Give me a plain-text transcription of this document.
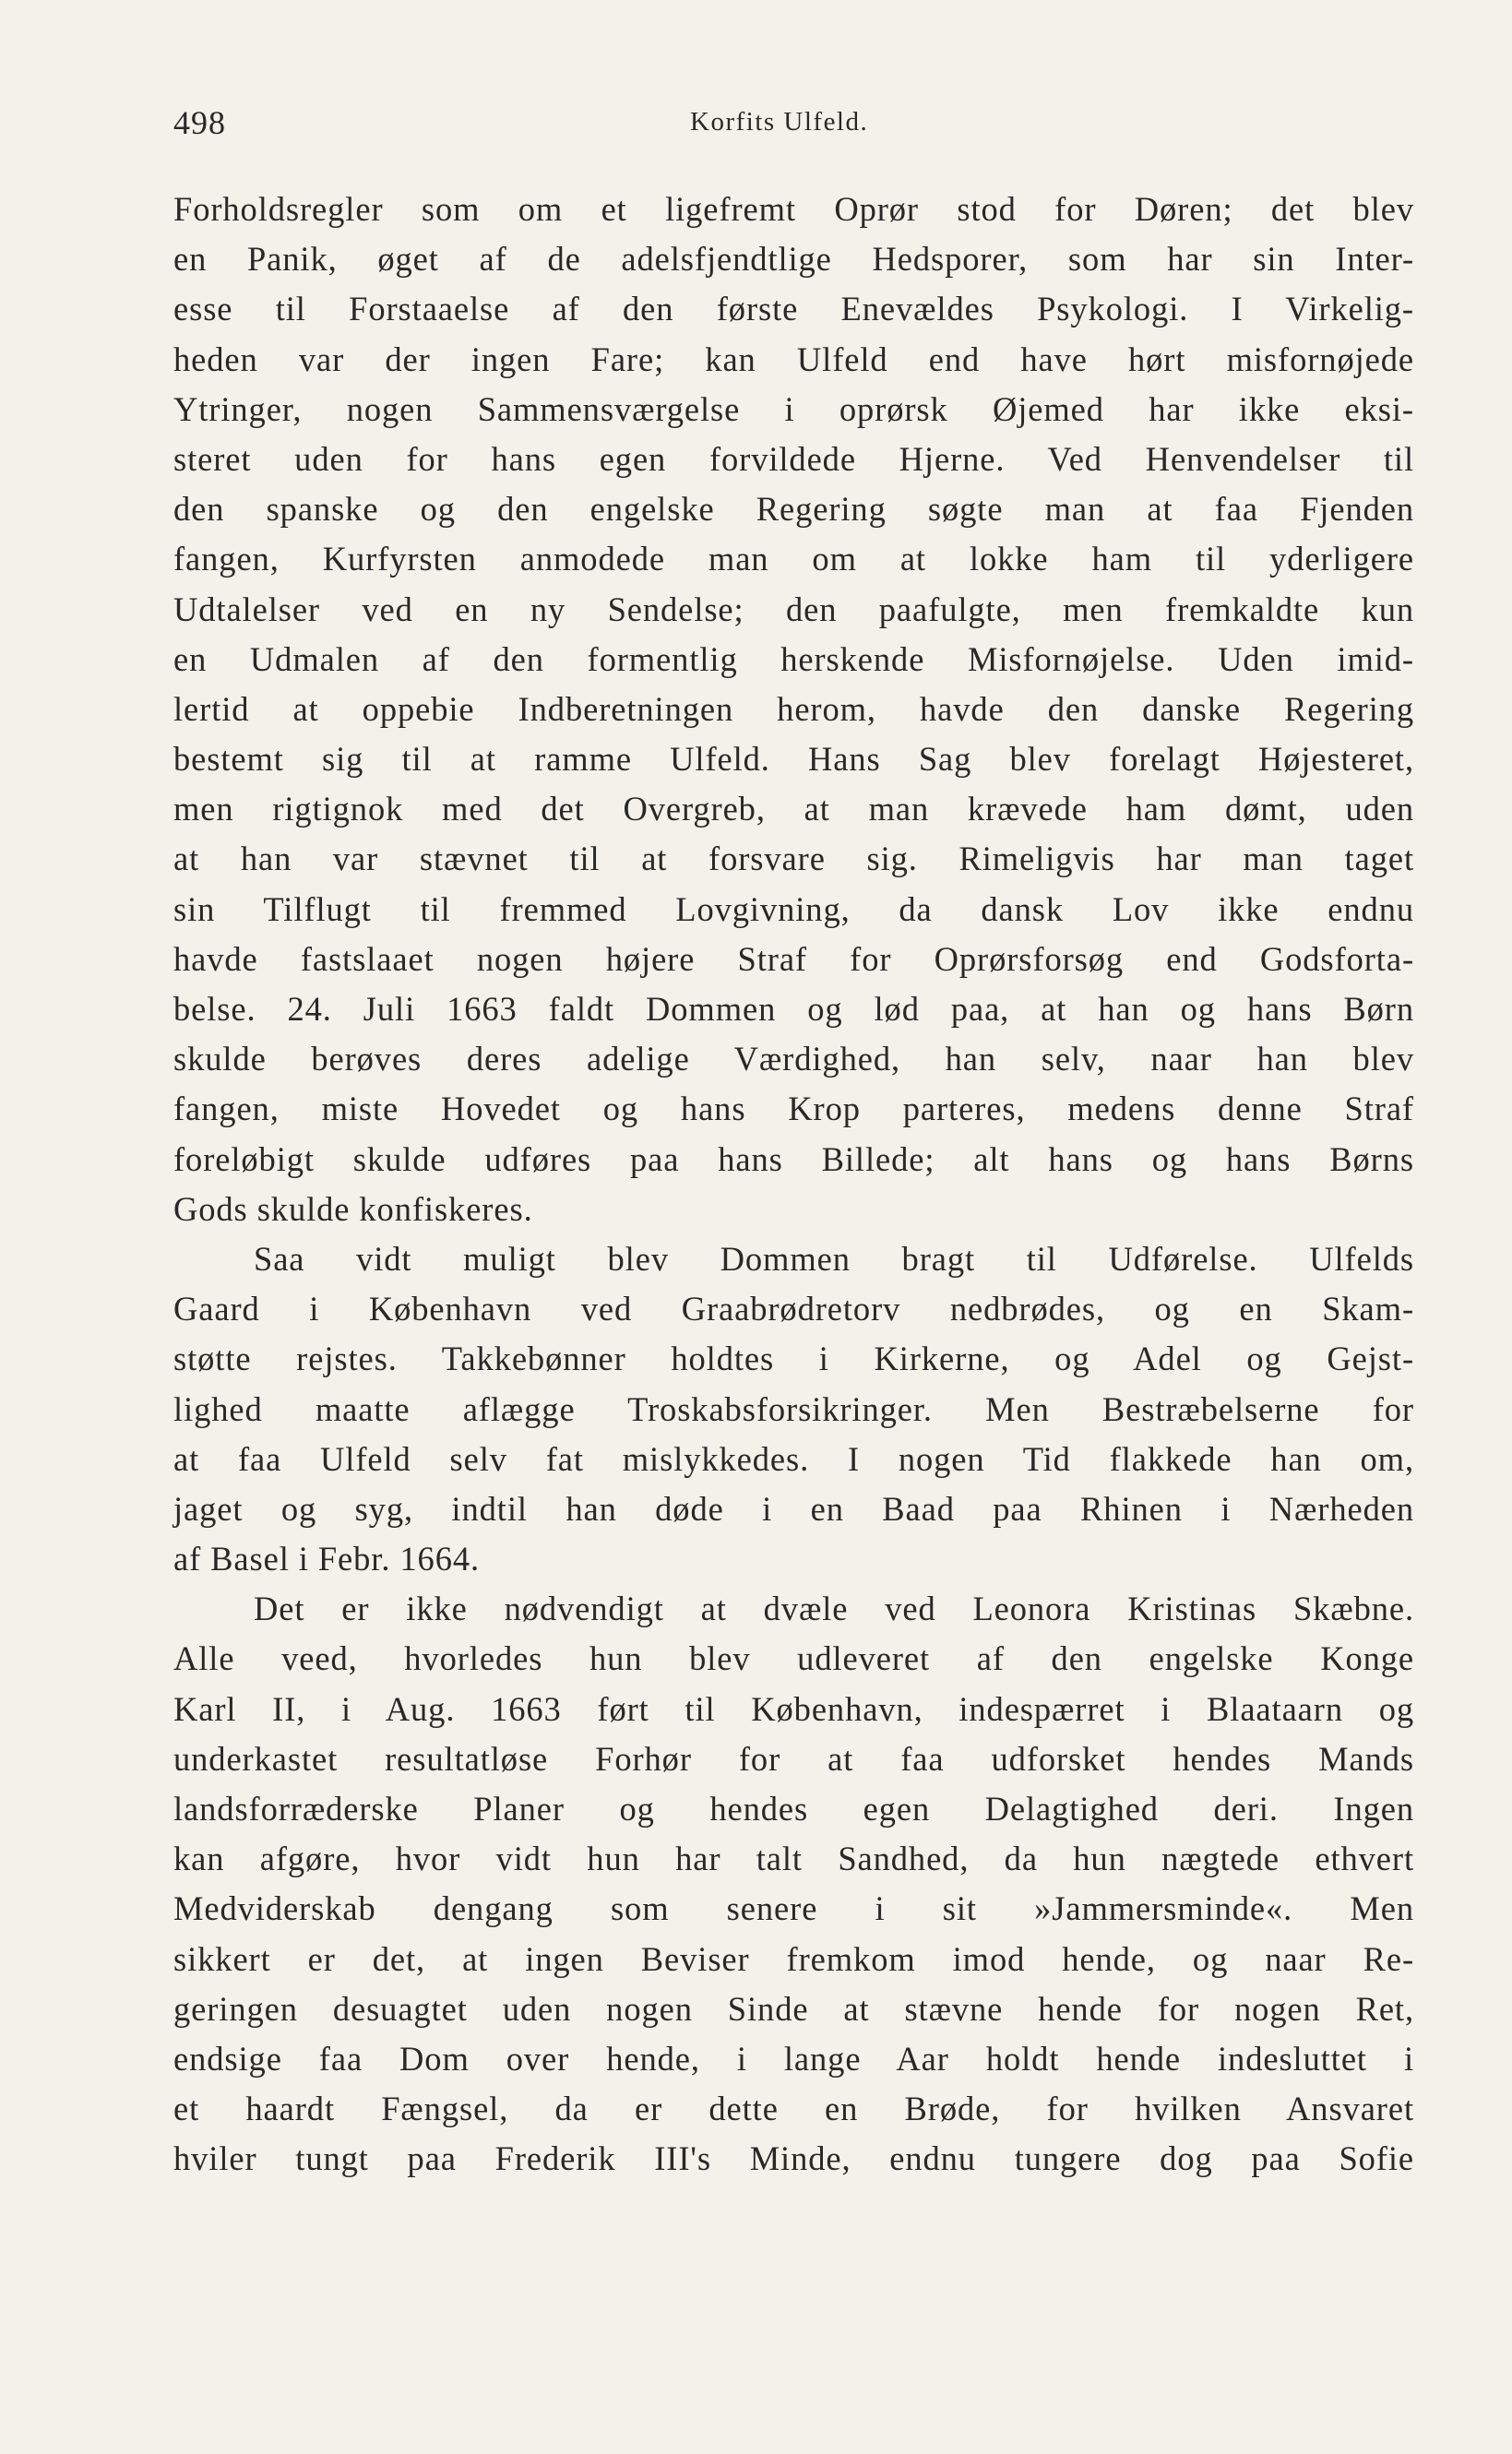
498	Korfits Ulfeld.
Forholdsregler som om et ligefremt Oprør stod for Døren; det blev
en Panik, øget af de adelsfjendtlige Hedsporer, som har sin Inter-
esse til Forstaaelse af den første Enevældes Psykologi. I Virkelig-
heden var der ingen Fare; kan Ulfeld end have hørt misfornøjede
Ytringer, nogen Sammensværgelse i oprørsk Øjemed har ikke eksi-
steret uden for hans egen forvildede Hjerne. Ved Henvendelser til
den spanske og den engelske Regering søgte man at faa Fjenden
fangen, Kurfyrsten anmodede man om at lokke ham til yderligere
Udtalelser ved en ny Sendelse; den paafulgte, men fremkaldte kun
en Udmalen af den formentlig herskende Misfornøjelse. Uden imid-
lertid at oppebie Indberetningen herom, havde den danske Regering
bestemt sig til at ramme Ulfeld. Hans Sag blev forelagt Højesteret,
men rigtignok med det Overgreb, at man krævede ham dømt, uden
at han var stævnet til at forsvare sig. Rimeligvis har man taget
sin Tilflugt til fremmed Lovgivning, da dansk Lov ikke endnu
havde fastslaaet nogen højere Straf for Oprørsforsøg end Godsforta-
belse. 24. Juli 1663 faldt Dommen og lød paa, at han og hans Børn
skulde berøves deres adelige Værdighed, han selv, naar han blev
fangen, miste Hovedet og hans Krop parteres, medens denne Straf
foreløbigt skulde udføres paa hans Billede; alt hans og hans Børns
Gods skulde konfiskeres.
Saa vidt muligt blev Dommen bragt til Udførelse. Ulfelds
Gaard i København ved Graabrødretorv nedbrødes, og en Skam-
støtte rejstes. Takkebønner holdtes i Kirkerne, og Adel og Gejst-
lighed maatte aflægge Troskabsforsikringer. Men Bestræbelserne for
at faa Ulfeld selv fat mislykkedes. I nogen Tid flakkede han om,
jaget og syg, indtil han døde i en Baad paa Rhinen i Nærheden
af Basel i Febr. 1664.
Det er ikke nødvendigt at dvæle ved Leonora Kristinas Skæbne.
Alle veed, hvorledes hun blev udleveret af den engelske Konge
Karl II, i Aug. 1663 ført til København, indespærret i Blaataarn og
underkastet resultatløse Forhør for at faa udforsket hendes Mands
landsforræderske Planer og hendes egen Delagtighed deri. Ingen
kan afgøre, hvor vidt hun har talt Sandhed, da hun nægtede ethvert
Medviderskab dengang som senere i sit »Jammersminde«. Men
sikkert er det, at ingen Beviser fremkom imod hende, og naar Re-
geringen desuagtet uden nogen Sinde at stævne hende for nogen Ret,
endsige faa Dom over hende, i lange Aar holdt hende indesluttet i
et haardt Fængsel, da er dette en Brøde, for hvilken Ansvaret
hviler tungt paa Frederik III's Minde, endnu tungere dog paa Sofie
